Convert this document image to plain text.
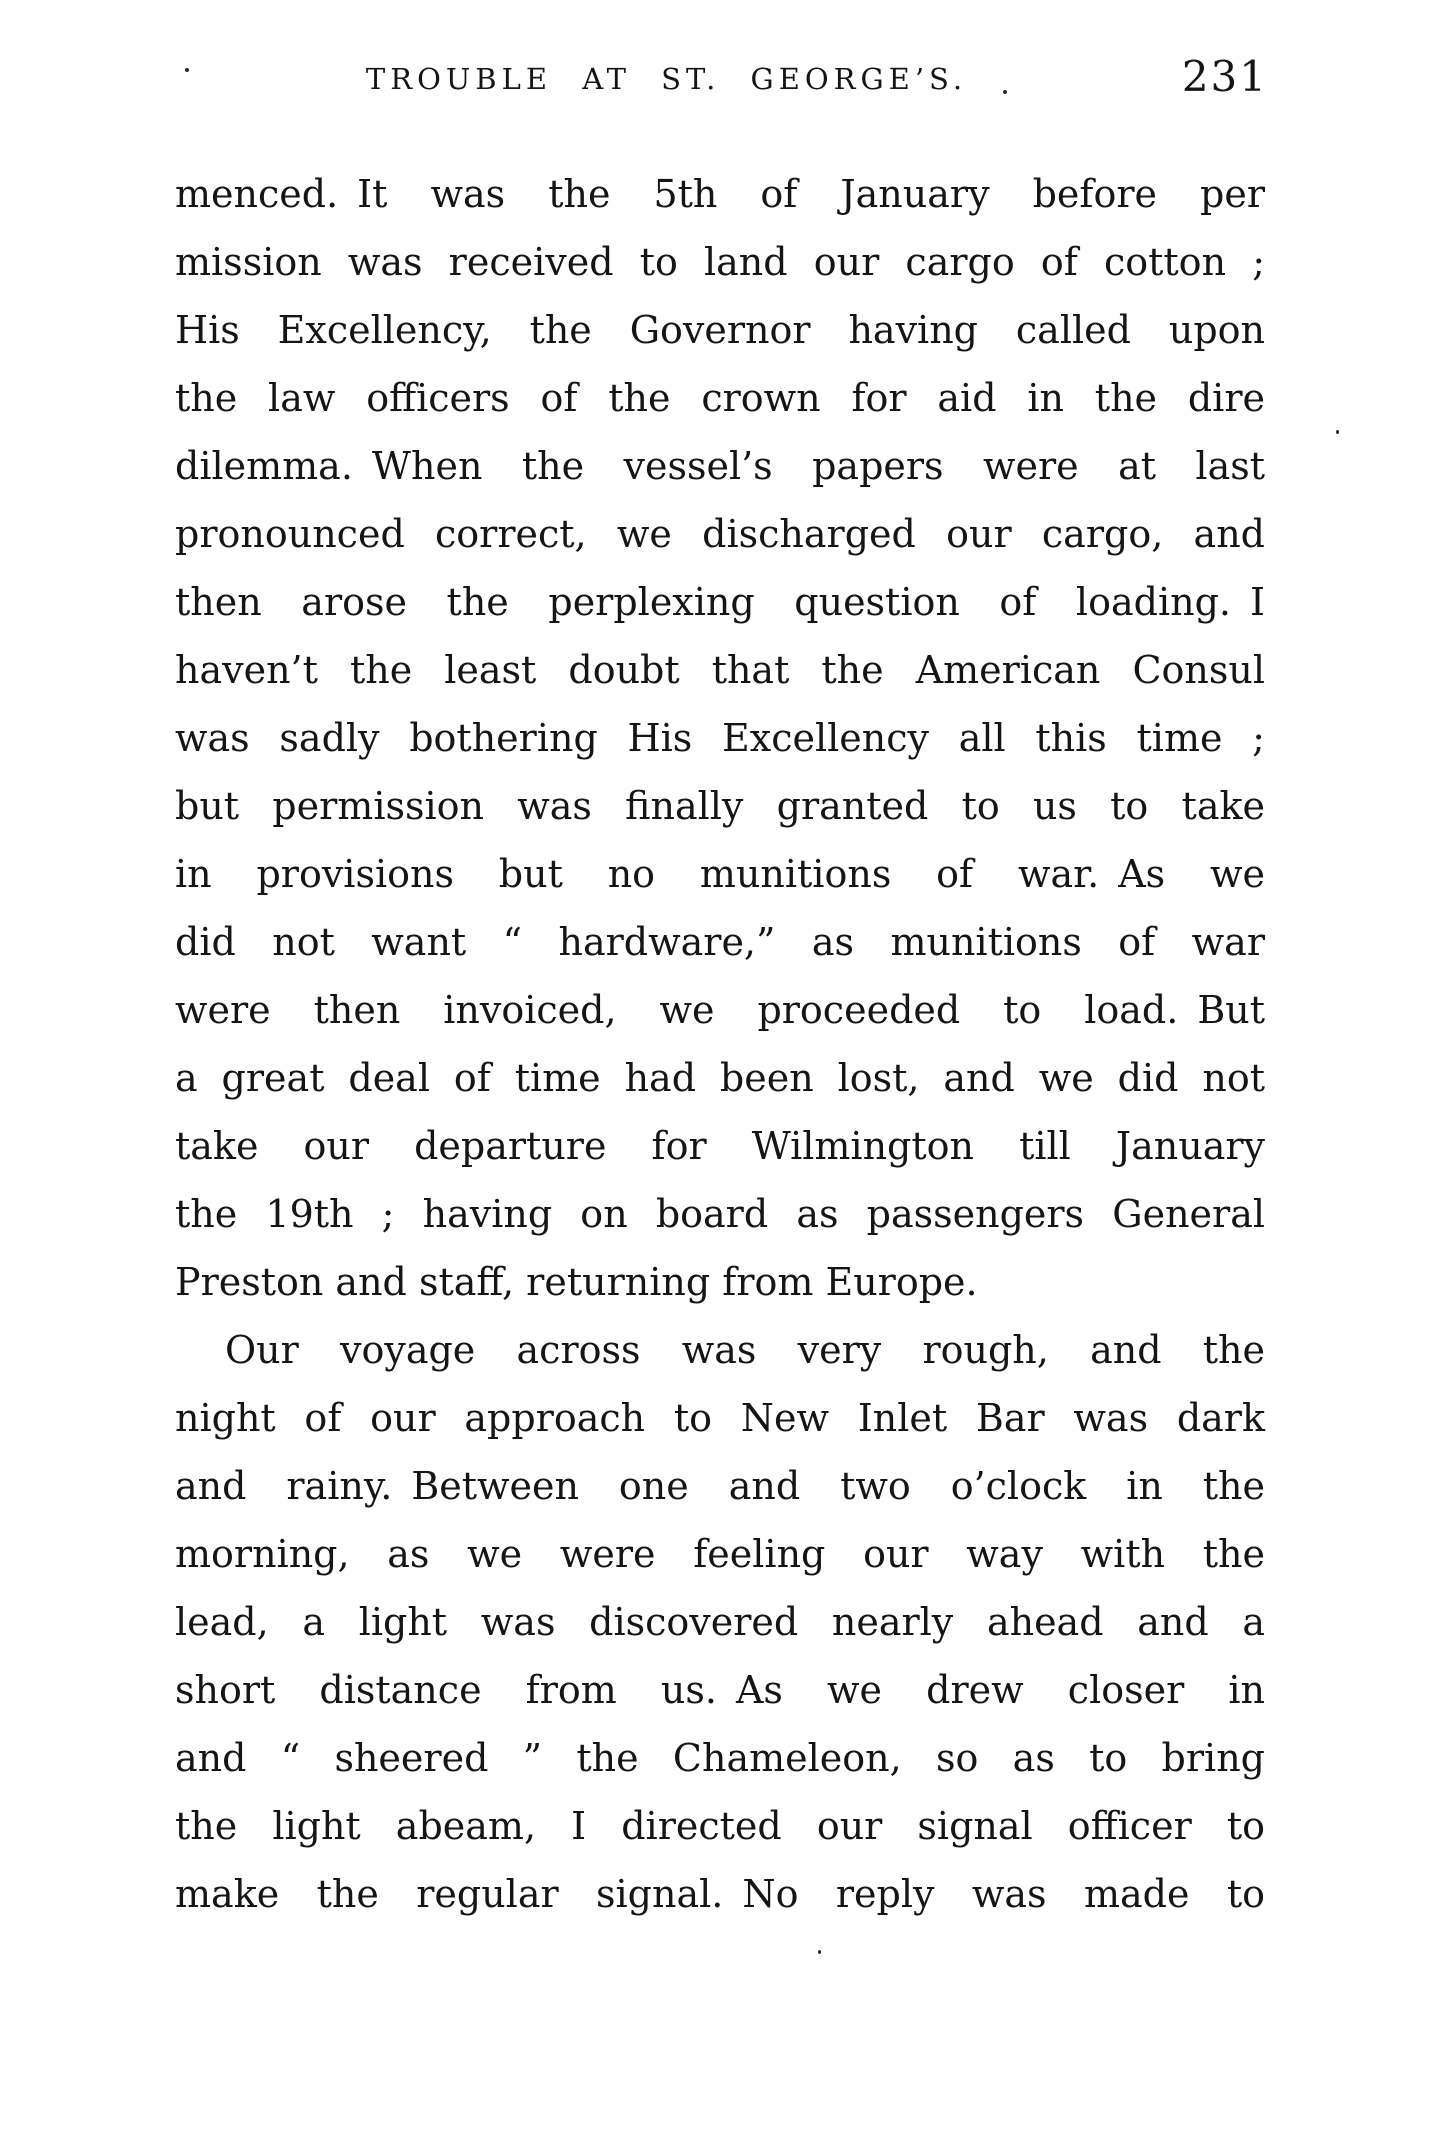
TROUBLE AT ST. GEORGE’S.	231
menced. It was the 5th of January before per
mission was received to land our cargo of cotton ;
His Excellency, the Governor having called upon
the law officers of the crown for aid in the dire
dilemma. When the vessel’s papers were at last
pronounced correct, we discharged our cargo, and
then arose the perplexing question of loading. I
haven’t the least doubt that the American Consul
was sadly bothering His Excellency all this time ;
but permission was finally granted to us to take
in provisions but no munitions of war. As we
did not want “ hardware,” as munitions of war
were then invoiced, we proceeded to load. But
a great deal of time had been lost, and we did not
take our departure for Wilmington till January
the 19th ; having on board as passengers General
Preston and staff, returning from Europe.
Our voyage across was very rough, and the
night of our approach to New Inlet Bar was dark
and rainy. Between one and two o’clock in the
morning, as we were feeling our way with the
lead, a light was discovered nearly ahead and a
short distance from us. As we drew closer in
and “ sheered ” the Chameleon, so as to bring
the light abeam, I directed our signal officer to
make the regular signal. No reply was made to
